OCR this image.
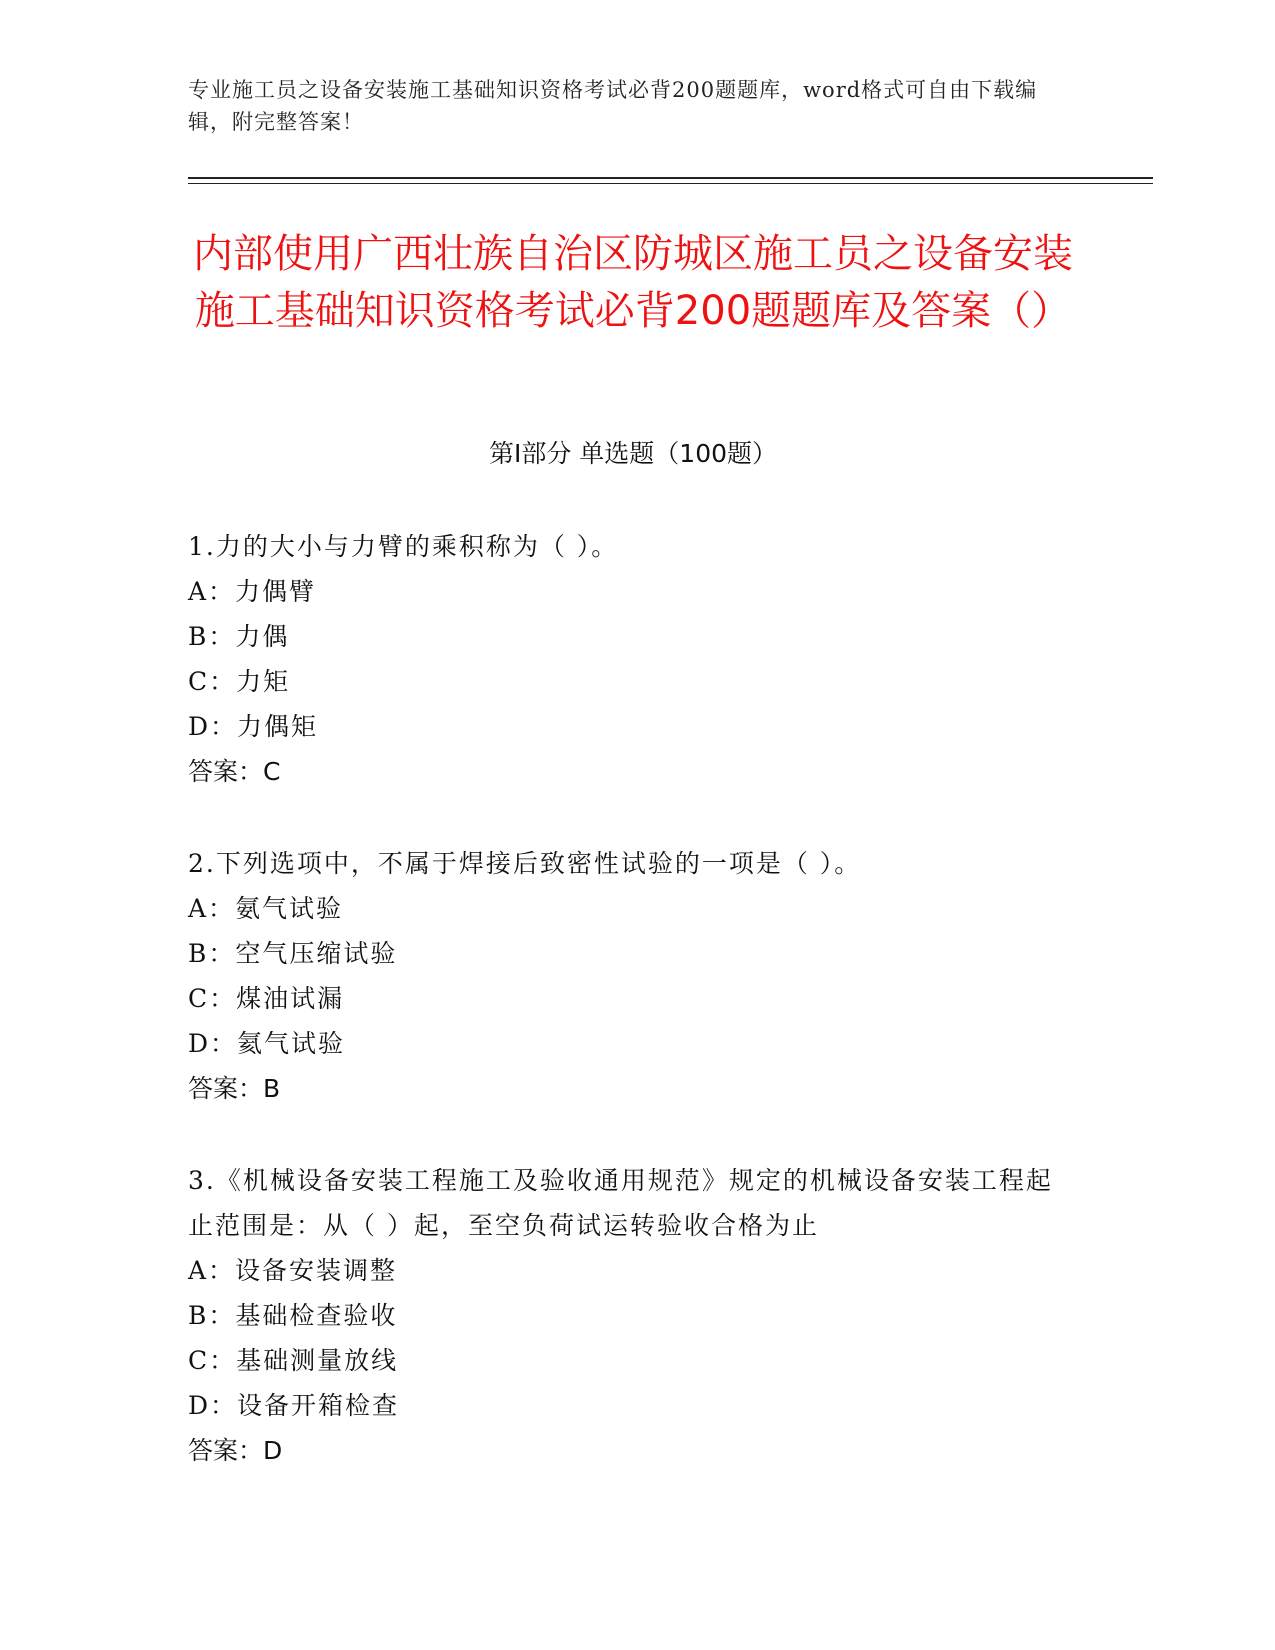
专业施工员之设备安装施工基础知识资格考试必背200题题库，word格式可自由下载编辑，附完整答案！
内部使用广西壮族自治区防城区施工员之设备安装施工基础知识资格考试必背200题题库及答案（）
第Ⅰ部分 单选题（100题）

1.力的大小与力臂的乘积称为（ ）。

A：力偶臂

B：力偶

C：力矩

D：力偶矩

答案：C

2.下列选项中，不属于焊接后致密性试验的一项是（ ）。

A：氨气试验

B：空气压缩试验

C：煤油试漏

D：氦气试验

答案：B

3.《机械设备安装工程施工及验收通用规范》规定的机械设备安装工程起止范围是：从（ ）起，至空负荷试运转验收合格为止

A：设备安装调整

B：基础检查验收

C：基础测量放线

D：设备开箱检查

答案：D
